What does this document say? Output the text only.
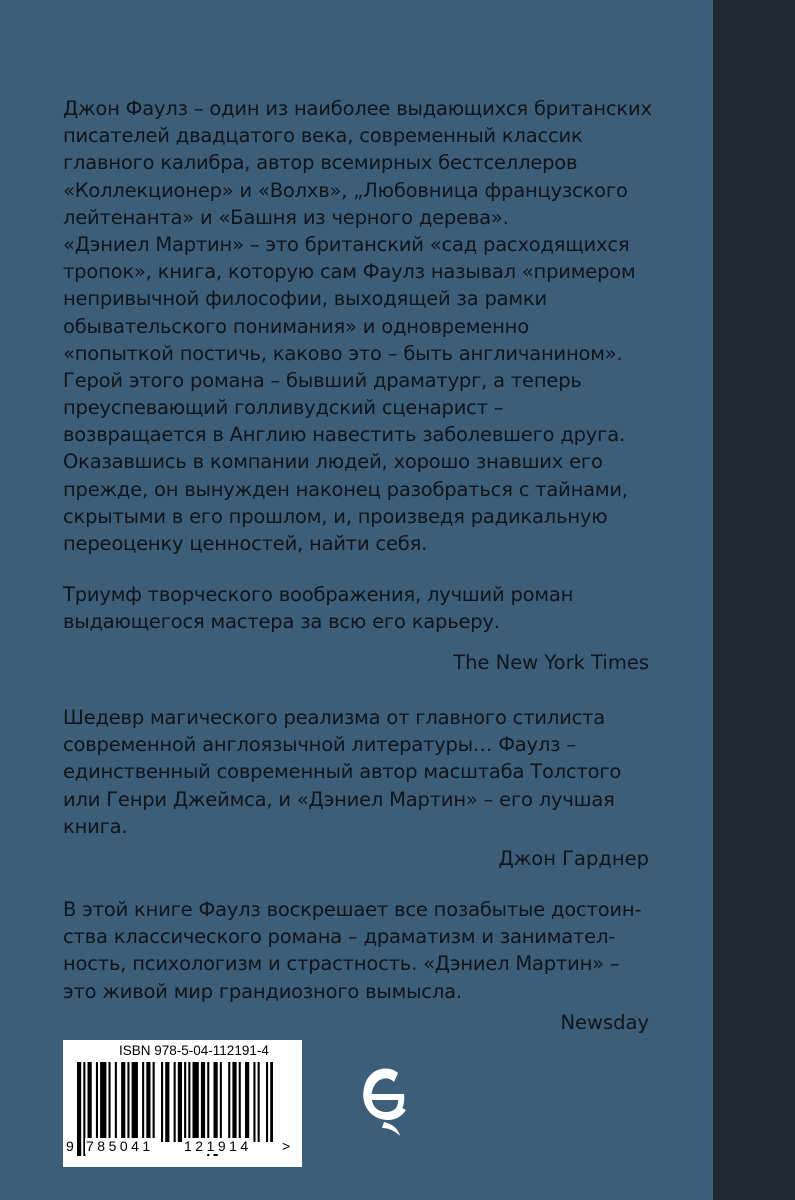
Джон Фаулз – один из наиболее выдающихся британских
писателей двадцатого века, современный классик
главного калибра, автор всемирных бестселлеров
«Коллекционер» и «Волхв», „Любовница французского
лейтенанта» и «Башня из черного дерева».
«Дэниел Мартин» – это британский «сад расходящихся
тропок», книга, которую сам Фаулз называл «примером
непривычной философии, выходящей за рамки
обывательского понимания» и одновременно
«попыткой постичь, каково это – быть англичанином».
Герой этого романа – бывший драматург, а теперь
преуспевающий голливудский сценарист –
возвращается в Англию навестить заболевшего друга.
Оказавшись в компании людей, хорошо знавших его
прежде, он вынужден наконец разобраться с тайнами,
скрытыми в его прошлом, и, произведя радикальную
переоценку ценностей, найти себя.
Триумф творческого воображения, лучший роман
выдающегося мастера за всю его карьеру.
The New York Times
Шедевр магического реализма от главного стилиста
современной англоязычной литературы… Фаулз –
единственный современный автор масштаба Толстого
или Генри Джеймса, и «Дэниел Мартин» – его лучшая
книга.
Джон Гарднер
В этой книге Фаулз воскрешает все позабытые достоин-
ства классического романа – драматизм и занимател-
ность, психологизм и страстность. «Дэниел Мартин» –
это живой мир грандиозного вымысла.
Newsday
ISBN 978-5-04-112191-4
9 785041 121914 >
